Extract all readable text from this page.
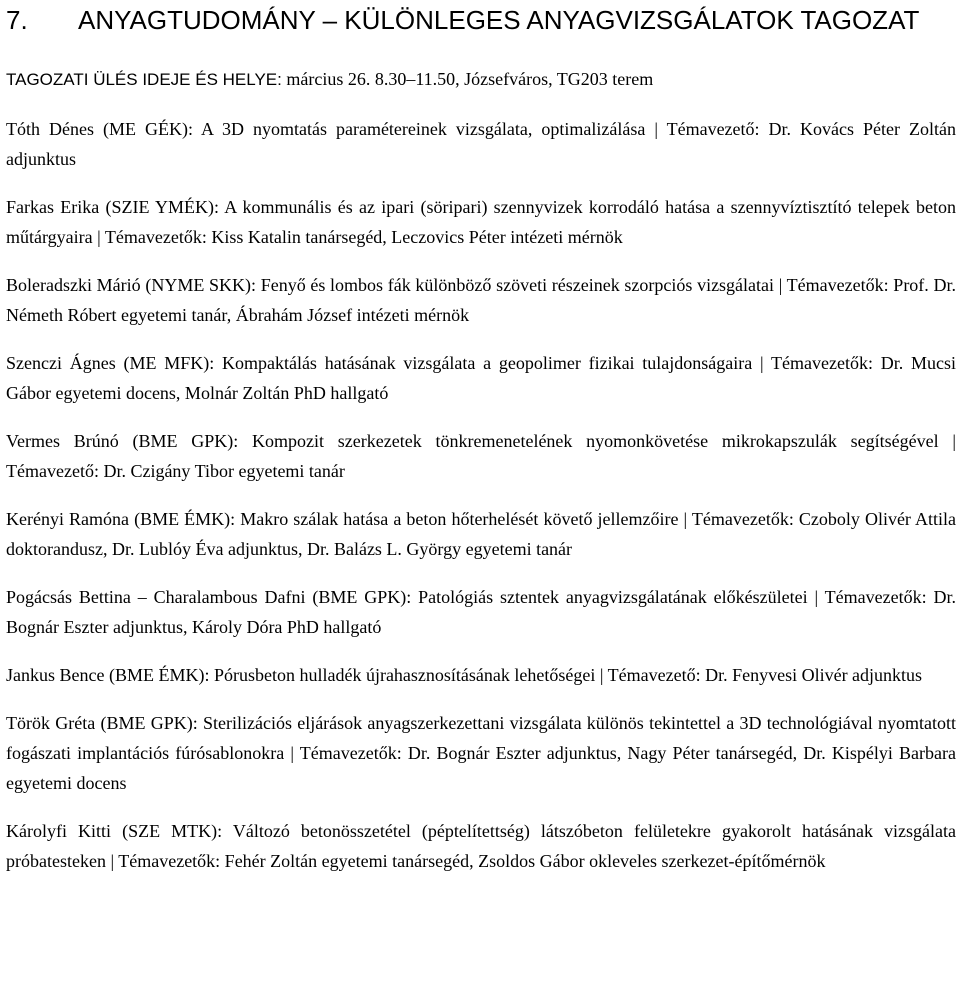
7.	ANYAGTUDOMÁNY – KÜLÖNLEGES ANYAGVIZSGÁLATOK TAGOZAT
TAGOZATI ÜLÉS IDEJE ÉS HELYE: március 26. 8.30–11.50, Józsefváros, TG203 terem

Tóth Dénes (ME GÉK): A 3D nyomtatás paramétereinek vizsgálata, optimalizálása | Témavezető: Dr. Kovács Péter Zoltán adjunktus

Farkas Erika (SZIE YMÉK): A kommunális és az ipari (söripari) szennyvizek korrodáló hatása a szennyvíztisztító telepek beton műtárgyaira | Témavezetők: Kiss Katalin tanársegéd, Leczovics Péter intézeti mérnök

Boleradszki Márió (NYME SKK): Fenyő és lombos fák különböző szöveti részeinek szorpciós vizsgálatai | Témavezetők: Prof. Dr. Németh Róbert egyetemi tanár, Ábrahám József intézeti mérnök

Szenczi Ágnes (ME MFK): Kompaktálás hatásának vizsgálata a geopolimer fizikai tulajdonságaira | Témavezetők: Dr. Mucsi Gábor egyetemi docens, Molnár Zoltán PhD hallgató

Vermes Brúnó (BME GPK): Kompozit szerkezetek tönkremenetelének nyomonkövetése mikrokapszulák segítségével | Témavezető: Dr. Czigány Tibor egyetemi tanár

Kerényi Ramóna (BME ÉMK): Makro szálak hatása a beton hőterhelését követő jellemzőire | Témavezetők: Czoboly Olivér Attila doktorandusz, Dr. Lublóy Éva adjunktus, Dr. Balázs L. György egyetemi tanár

Pogácsás Bettina – Charalambous Dafni (BME GPK): Patológiás sztentek anyagvizsgálatának előkészületei | Témavezetők: Dr. Bognár Eszter adjunktus, Károly Dóra PhD hallgató

Jankus Bence (BME ÉMK): Pórusbeton hulladék újrahasznosításának lehetőségei | Témavezető: Dr. Fenyvesi Olivér adjunktus

Török Gréta (BME GPK): Sterilizációs eljárások anyagszerkezettani vizsgálata különös tekintettel a 3D technológiával nyomtatott fogászati implantációs fúrósablonokra | Témavezetők: Dr. Bognár Eszter adjunktus, Nagy Péter tanársegéd, Dr. Kispélyi Barbara egyetemi docens

Károlyfi Kitti (SZE MTK): Változó betonösszetétel (péptelítettség) látszóbeton felületekre gyakorolt hatásának vizsgálata próbatesteken | Témavezetők: Fehér Zoltán egyetemi tanársegéd, Zsoldos Gábor okleveles szerkezet-építőmérnök
